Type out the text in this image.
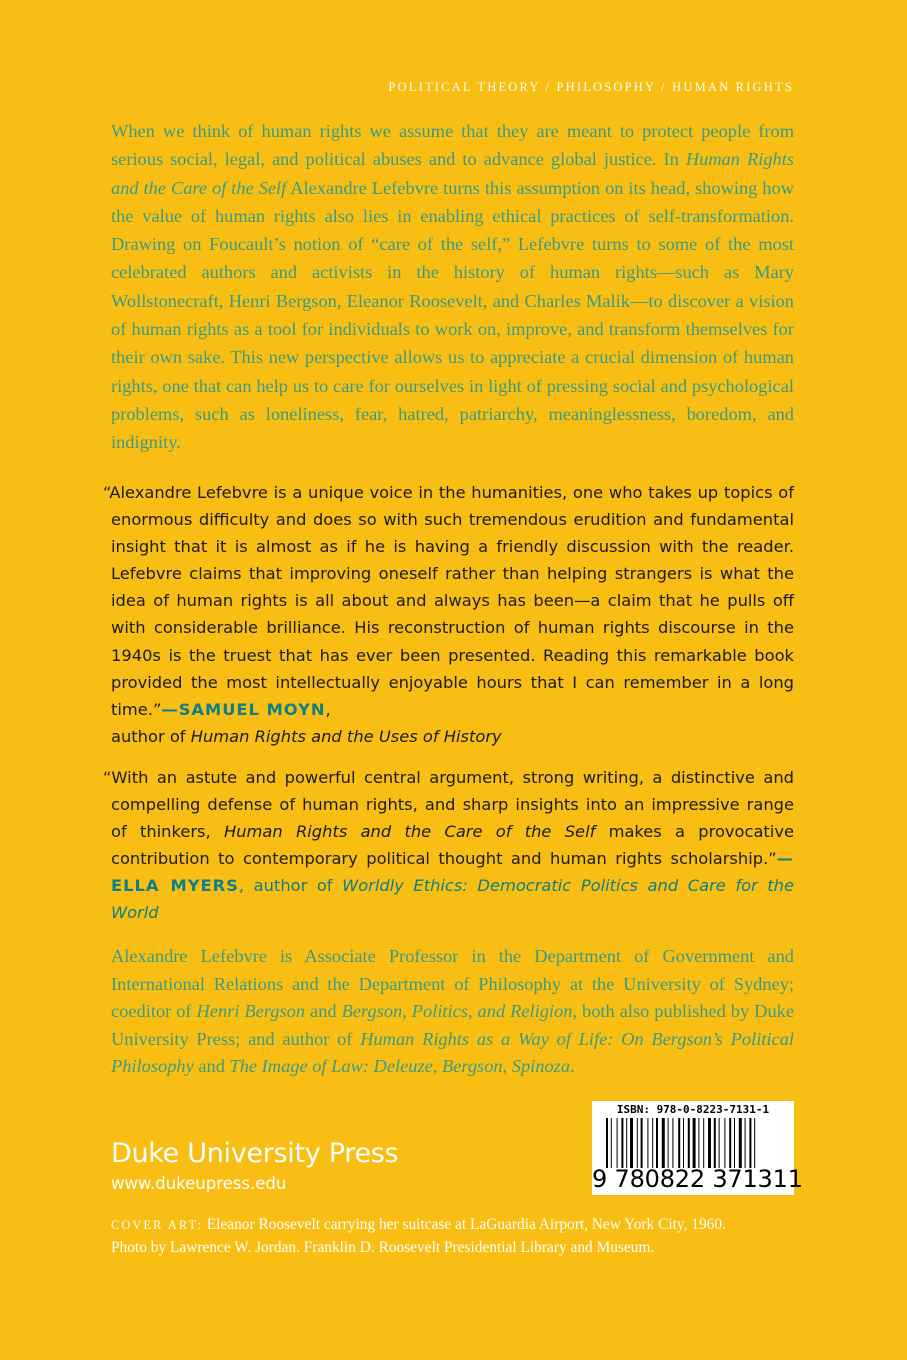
POLITICAL THEORY / PHILOSOPHY / HUMAN RIGHTS
When we think of human rights we assume that they are meant to protect people from serious social, legal, and political abuses and to advance global justice. In Human Rights and the Care of the Self Alexandre Lefebvre turns this assumption on its head, showing how the value of human rights also lies in enabling ethical practices of self-transformation. Drawing on Foucault’s notion of “care of the self,” Lefebvre turns to some of the most celebrated authors and activists in the history of human rights—such as Mary Wollstonecraft, Henri Bergson, Eleanor Roosevelt, and Charles Malik—to discover a vision of human rights as a tool for individuals to work on, improve, and transform themselves for their own sake. This new perspective allows us to appreciate a crucial dimension of human rights, one that can help us to care for ourselves in light of pressing social and psychological problems, such as loneliness, fear, hatred, patriarchy, meaninglessness, boredom, and indignity.
“Alexandre Lefebvre is a unique voice in the humanities, one who takes up topics of enormous difficulty and does so with such tremendous erudition and fundamental insight that it is almost as if he is having a friendly discussion with the reader. Lefebvre claims that improving oneself rather than helping strangers is what the idea of human rights is all about and always has been—a claim that he pulls off with considerable brilliance. His reconstruction of human rights discourse in the 1940s is the truest that has ever been presented. Reading this remarkable book provided the most intellectually enjoyable hours that I can remember in a long time.”—SAMUEL MOYN,
author of Human Rights and the Uses of History
“With an astute and powerful central argument, strong writing, a distinctive and compelling defense of human rights, and sharp insights into an impressive range of thinkers, Human Rights and the Care of the Self makes a provocative contribution to contemporary political thought and human rights scholarship.”—ELLA MYERS, author of Worldly Ethics: Democratic Politics and Care for the World
Alexandre Lefebvre is Associate Professor in the Department of Government and International Relations and the Department of Philosophy at the University of Sydney; coeditor of Henri Bergson and Bergson, Politics, and Religion, both also published by Duke University Press; and author of Human Rights as a Way of Life: On Bergson’s Political Philosophy and The Image of Law: Deleuze, Bergson, Spinoza.
Duke University Press
www.dukeupress.edu
ISBN: 978-0-8223-7131-1
9 780822 371311
COVER ART: Eleanor Roosevelt carrying her suitcase at LaGuardia Airport, New York City, 1960.
Photo by Lawrence W. Jordan. Franklin D. Roosevelt Presidential Library and Museum.
